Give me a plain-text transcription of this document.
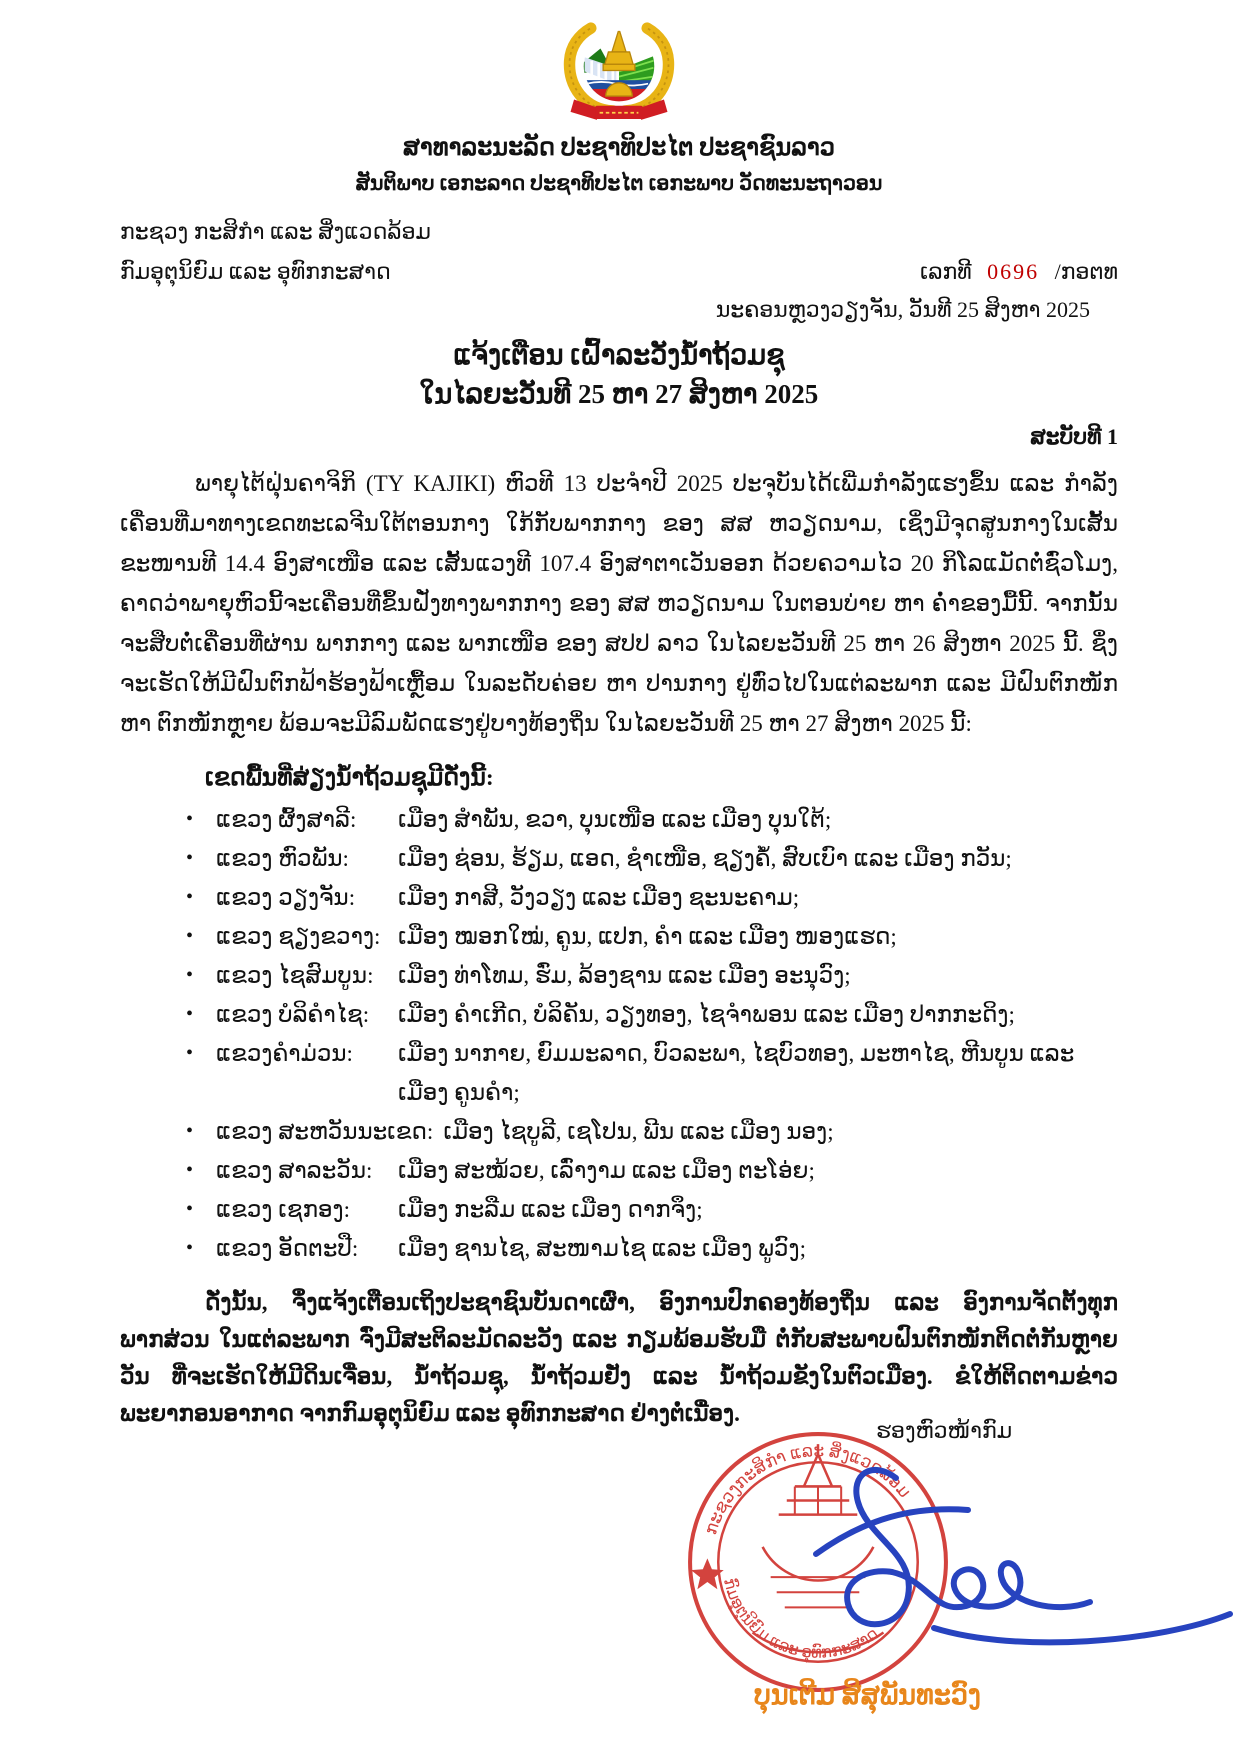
ສາທາລະນະລັດ ປະຊາທິປະໄຕ ປະຊາຊົນລາວ
ສັນຕິພາບ ເອກະລາດ ປະຊາທິປະໄຕ ເອກະພາບ ວັດທະນະຖາວອນ
ກະຊວງ ກະສິກຳ ແລະ ສິ່ງແວດລ້ອມ
ກົມອຸຕຸນິຍົມ ແລະ ອຸທົກກະສາດ	ເລກທີ 0696 /ກອຕທ
ນະຄອນຫຼວງວຽງຈັນ, ວັນທີ 25 ສິງຫາ 2025
ແຈ້ງເຕືອນ ເຝົ້າລະວັງນ້ຳຖ້ວມຊຸ
ໃນໄລຍະວັນທີ 25 ຫາ 27 ສິງຫາ 2025
ສະບັບທີ 1

ພາຍຸໄຕ້ຝຸ່ນຄາຈິກິ (TY KAJIKI) ຫົວທີ 13 ປະຈຳປີ 2025 ປະຈຸບັນໄດ້ເພີ່ມກຳລັງແຮງຂຶ້ນ ແລະ ກຳລັງເຄື່ອນທີ່ມາທາງເຂດທະເລຈີນໃຕ້ຕອນກາງ ໃກ້ກັບພາກກາງ ຂອງ ສສ ຫວຽດນາມ, ເຊິ່ງມີຈຸດສູນກາງໃນເສັ້ນຂະໜານທີ 14.4 ອົງສາເໜືອ ແລະ ເສັ້ນແວງທີ 107.4 ອົງສາຕາເວັນອອກ ດ້ວຍຄວາມໄວ 20 ກິໂລແມັດຕໍ່ຊົ່ວໂມງ, ຄາດວ່າພາຍຸຫົວນີ້ຈະເຄື່ອນທີ່ຂຶ້ນຝັ່ງທາງພາກກາງ ຂອງ ສສ ຫວຽດນາມ ໃນຕອນບ່າຍ ຫາ ຄ່ຳຂອງມື້ນີ້. ຈາກນັ້ນຈະສືບຕໍ່ເຄື່ອນທີ່ຜ່ານ ພາກກາງ ແລະ ພາກເໜືອ ຂອງ ສປປ ລາວ ໃນໄລຍະວັນທີ 25 ຫາ 26 ສິງຫາ 2025 ນີ້. ຊຶ່ງຈະເຮັດໃຫ້ມີຝົນຕົກຟ້າຮ້ອງຟ້າເຫຼື້ອມ ໃນລະດັບຄ່ອຍ ຫາ ປານກາງ ຢູ່ທົ່ວໄປໃນແຕ່ລະພາກ ແລະ ມີຝົນຕົກໜັກ ຫາ ຕົກໜັກຫຼາຍ ພ້ອມຈະມີລົມພັດແຮງຢູ່ບາງທ້ອງຖິ່ນ ໃນໄລຍະວັນທີ 25 ຫາ 27 ສິງຫາ 2025 ນີ້:

ເຂດພື້ນທີ່ສ່ຽງນ້ຳຖ້ວມຊຸມີດັ່ງນີ້:
• ແຂວງ ຜົ້ງສາລີ:	ເມືອງ ສຳພັນ, ຂວາ, ບຸນເໜືອ ແລະ ເມືອງ ບຸນໃຕ້;
• ແຂວງ ຫົວພັນ:	ເມືອງ ຊ່ອນ, ຮ້ຽມ, ແອດ, ຊຳເໜືອ, ຊຽງຄໍ້, ສົບເບົາ ແລະ ເມືອງ ກວັນ;
• ແຂວງ ວຽງຈັນ:	ເມືອງ ກາສີ, ວັງວຽງ ແລະ ເມືອງ ຊະນະຄາມ;
• ແຂວງ ຊຽງຂວາງ: ເມືອງ ໝອກໃໝ່, ຄູນ, ແປກ, ຄຳ ແລະ ເມືອງ ໜອງແຮດ;
• ແຂວງ ໄຊສົມບູນ:	ເມືອງ ທ່າໂທມ, ຮົ່ມ, ລ້ອງຊານ ແລະ ເມືອງ ອະນຸວົງ;
• ແຂວງ ບໍລິຄຳໄຊ:	ເມືອງ ຄຳເກີດ, ບໍລິຄັນ, ວຽງທອງ, ໄຊຈຳພອນ ແລະ ເມືອງ ປາກກະດິງ;
• ແຂວງຄຳມ່ວນ:	ເມືອງ ນາກາຍ, ຍົມມະລາດ, ບົວລະພາ, ໄຊບົວທອງ, ມະຫາໄຊ, ຫີນບູນ ແລະ ເມືອງ ຄູນຄຳ;
• ແຂວງ ສະຫວັນນະເຂດ: ເມືອງ ໄຊບູລີ, ເຊໂປນ, ພີນ ແລະ ເມືອງ ນອງ;
• ແຂວງ ສາລະວັນ:	ເມືອງ ສະໝ້ວຍ, ເລົ່າງາມ ແລະ ເມືອງ ຕະໂອ່ຍ;
• ແຂວງ ເຊກອງ:	ເມືອງ ກະລືມ ແລະ ເມືອງ ດາກຈຶງ;
• ແຂວງ ອັດຕະປື:	ເມືອງ ຊານໄຊ, ສະໜາມໄຊ ແລະ ເມືອງ ພູວົງ;

ດັ່ງນັ້ນ, ຈຶ່ງແຈ້ງເຕືອນເຖິງປະຊາຊົນບັນດາເຜົ່າ, ອົງການປົກຄອງທ້ອງຖິ່ນ ແລະ ອົງການຈັດຕັ້ງທຸກພາກສ່ວນ ໃນແຕ່ລະພາກ ຈົ່ງມີສະຕິລະມັດລະວັງ ແລະ ກຽມພ້ອມຮັບມື ຕໍ່ກັບສະພາບຝົນຕົກໜັກຕິດຕໍ່ກັນຫຼາຍວັນ ທີ່ຈະເຮັດໃຫ້ມີດິນເຈື່ອນ, ນ້ຳຖ້ວມຊຸ, ນ້ຳຖ້ວມຢັ່ງ ແລະ ນ້ຳຖ້ວມຂັງໃນຕົວເມືອງ. ຂໍໃຫ້ຕິດຕາມຂ່າວພະຍາກອນອາກາດ ຈາກກົມອຸຕຸນິຍົມ ແລະ ອຸທົກກະສາດ ຢ່າງຕໍ່ເນື່ອງ.

ຮອງຫົວໜ້າກົມ
ກະຊວງກະສິກຳ ແລະ ສິ່ງແວດລ້ອມ
ກົມອຸຕຸນິຍົມ ແລະ ອຸທົກກະສາດ
ບຸນເຕີມ ສີສຸພັນທະວົງ
